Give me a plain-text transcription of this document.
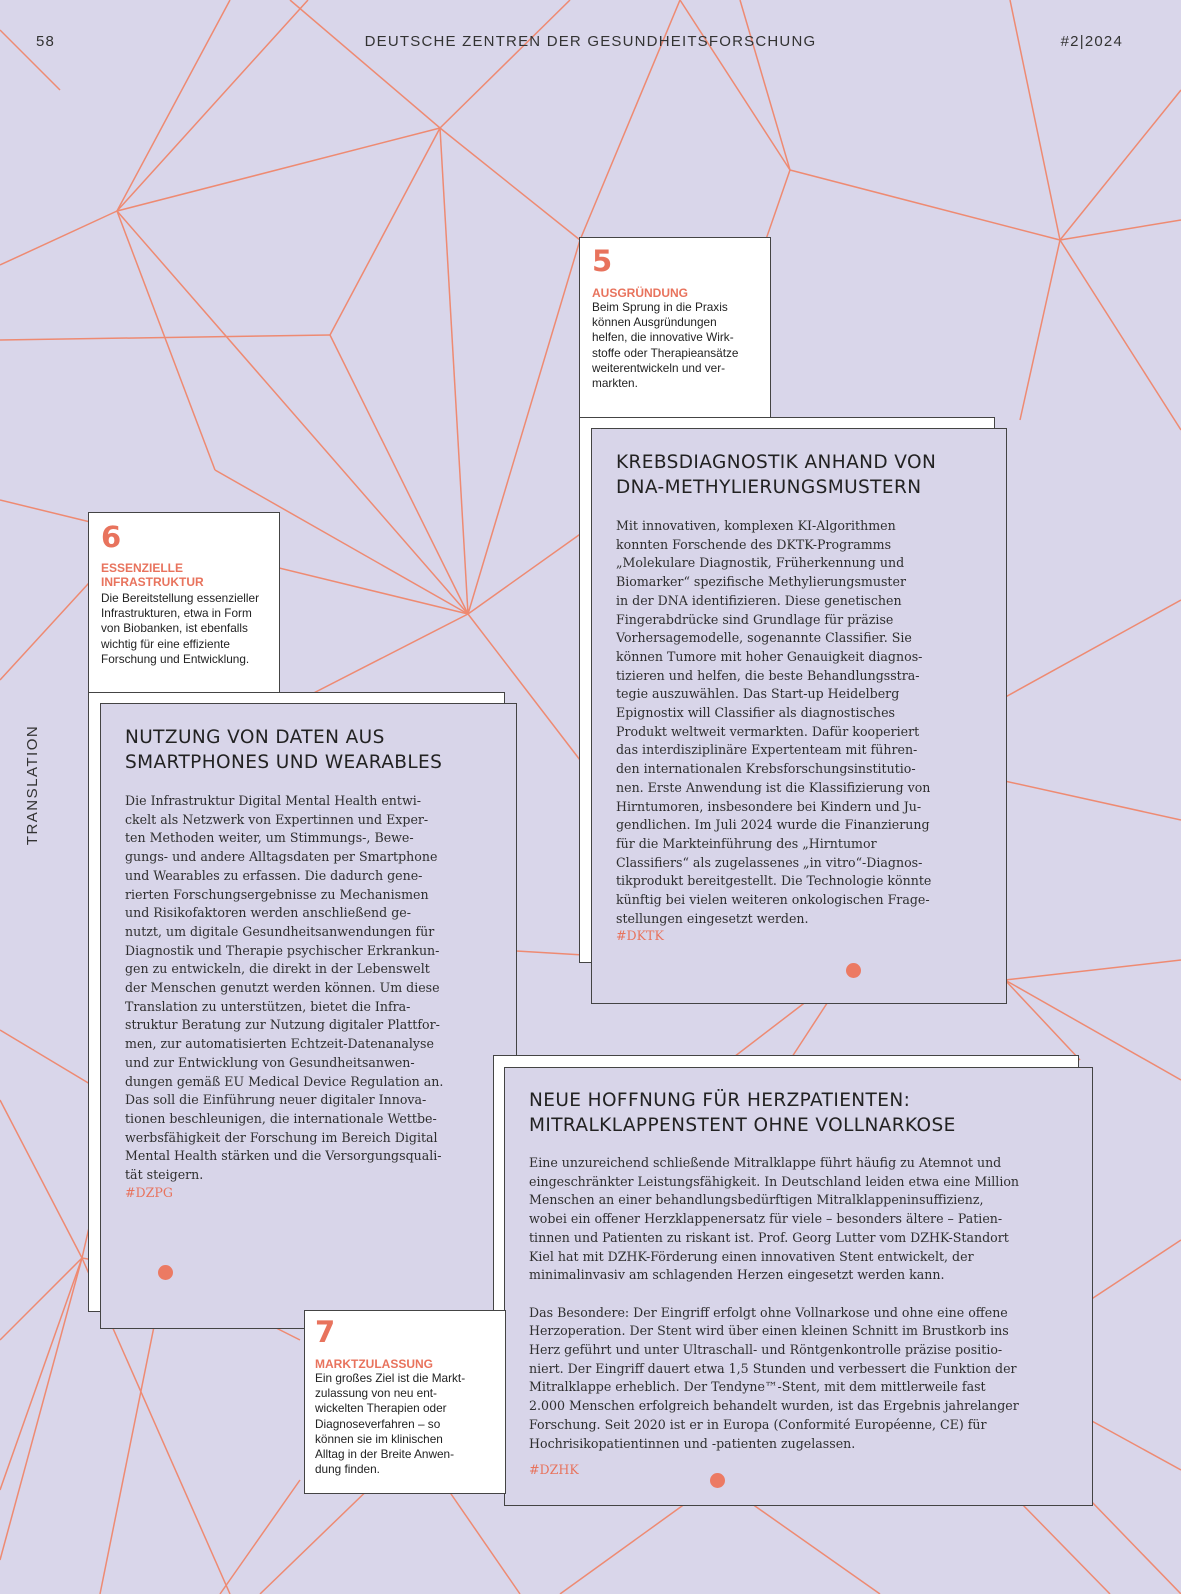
58	DEUTSCHE ZENTREN DER GESUNDHEITSFORSCHUNG	#2|2024
TRANSLATION
5
AUSGRÜNDUNG
Beim Sprung in die Praxis
können Ausgründungen
helfen, die innovative Wirk-
stoffe oder Therapieansätze
weiterentwickeln und ver-
markten.
KREBSDIAGNOSTIK ANHAND VON
DNA-METHYLIERUNGSMUSTERN
Mit innovativen, komplexen KI-Algorithmen
konnten Forschende des DKTK-Programms
„Molekulare Diagnostik, Früherkennung und
Biomarker“ spezifische Methylierungsmuster
in der DNA identifizieren. Diese genetischen
Fingerabdrücke sind Grundlage für präzise
Vorhersagemodelle, sogenannte Classifier. Sie
können Tumore mit hoher Genauigkeit diagnos-
tizieren und helfen, die beste Behandlungsstra-
tegie auszuwählen. Das Start-up Heidelberg
Epignostix will Classifier als diagnostisches
Produkt weltweit vermarkten. Dafür kooperiert
das interdisziplinäre Expertenteam mit führen-
den internationalen Krebsforschungsinstitutio-
nen. Erste Anwendung ist die Klassifizierung von
Hirntumoren, insbesondere bei Kindern und Ju-
gendlichen. Im Juli 2024 wurde die Finanzierung
für die Markteinführung des „Hirntumor
Classifiers“ als zugelassenes „in vitro“-Diagnos-
tikprodukt bereitgestellt. Die Technologie könnte
künftig bei vielen weiteren onkologischen Frage-
stellungen eingesetzt werden.
#DKTK
6
ESSENZIELLE
INFRASTRUKTUR
Die Bereitstellung essenzieller
Infrastrukturen, etwa in Form
von Biobanken, ist ebenfalls
wichtig für eine effiziente
Forschung und Entwicklung.
NUTZUNG VON DATEN AUS
SMARTPHONES UND WEARABLES
Die Infrastruktur Digital Mental Health entwi-
ckelt als Netzwerk von Expertinnen und Exper-
ten Methoden weiter, um Stimmungs-, Bewe-
gungs- und andere Alltagsdaten per Smartphone
und Wearables zu erfassen. Die dadurch gene-
rierten Forschungsergebnisse zu Mechanismen
und Risikofaktoren werden anschließend ge-
nutzt, um digitale Gesundheitsanwendungen für
Diagnostik und Therapie psychischer Erkrankun-
gen zu entwickeln, die direkt in der Lebenswelt
der Menschen genutzt werden können. Um diese
Translation zu unterstützen, bietet die Infra-
struktur Beratung zur Nutzung digitaler Plattfor-
men, zur automatisierten Echtzeit-Datenanalyse
und zur Entwicklung von Gesundheitsanwen-
dungen gemäß EU Medical Device Regulation an.
Das soll die Einführung neuer digitaler Innova-
tionen beschleunigen, die internationale Wettbe-
werbsfähigkeit der Forschung im Bereich Digital
Mental Health stärken und die Versorgungsquali-
tät steigern.
#DZPG
NEUE HOFFNUNG FÜR HERZPATIENTEN:
MITRALKLAPPENSTENT OHNE VOLLNARKOSE
Eine unzureichend schließende Mitralklappe führt häufig zu Atemnot und
eingeschränkter Leistungsfähigkeit. In Deutschland leiden etwa eine Million
Menschen an einer behandlungsbedürftigen Mitralklappeninsuffizienz,
wobei ein offener Herzklappenersatz für viele – besonders ältere – Patien-
tinnen und Patienten zu riskant ist. Prof. Georg Lutter vom DZHK-Standort
Kiel hat mit DZHK-Förderung einen innovativen Stent entwickelt, der
minimalinvasiv am schlagenden Herzen eingesetzt werden kann.

Das Besondere: Der Eingriff erfolgt ohne Vollnarkose und ohne eine offene
Herzoperation. Der Stent wird über einen kleinen Schnitt im Brustkorb ins
Herz geführt und unter Ultraschall- und Röntgenkontrolle präzise positio-
niert. Der Eingriff dauert etwa 1,5 Stunden und verbessert die Funktion der
Mitralklappe erheblich. Der Tendyne™-Stent, mit dem mittlerweile fast
2.000 Menschen erfolgreich behandelt wurden, ist das Ergebnis jahrelanger
Forschung. Seit 2020 ist er in Europa (Conformité Européenne, CE) für
Hochrisikopatientinnen und -patienten zugelassen.
#DZHK
7
MARKTZULASSUNG
Ein großes Ziel ist die Markt-
zulassung von neu ent-
wickelten Therapien oder
Diagnoseverfahren – so
können sie im klinischen
Alltag in der Breite Anwen-
dung finden.
